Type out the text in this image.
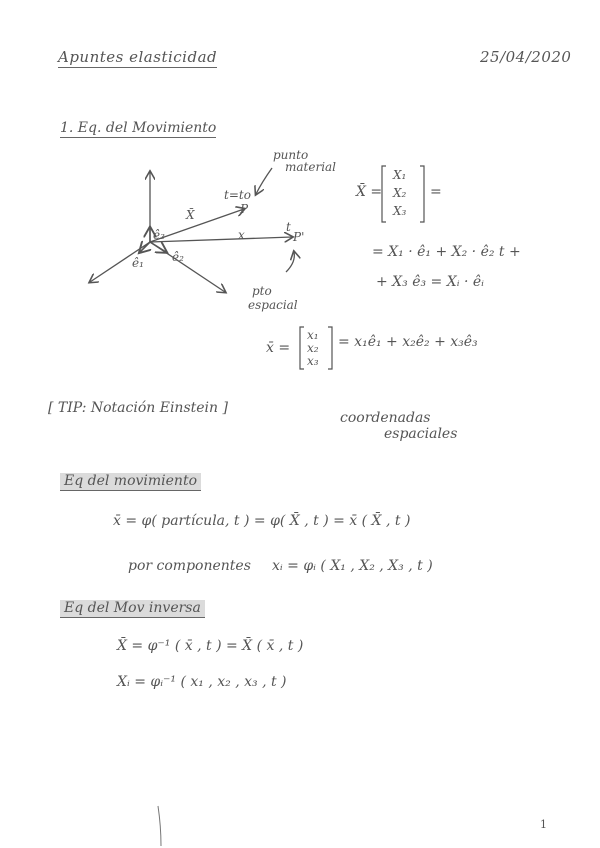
Apuntes elasticidad	25/04/2020
1. Eq. del Movimiento
punto
material
t=to
P
X̄
x
t
P'
ê₁ ê₂
ê₃
pto
espacial
X̄ =
X₁
X₂
X₃
=
= X₁ · ê₁ + X₂ · ê₂ t +
+ X₃ ê₃ = Xᵢ · êᵢ
x̄ =
x₁
x₂
x₃
= x₁ê₁ + x₂ê₂ + x₃ê₃
[ TIP: Notación Einstein ]
coordenadas
espaciales
Eq del movimiento
x̄ = φ( partícula, t ) = φ( X̄ , t ) = x̄ ( X̄ , t )
por componentes xᵢ = φᵢ ( X₁ , X₂ , X₃ , t )
Eq del Mov inversa
X̄ = φ⁻¹ ( x̄ , t ) = X̄ ( x̄ , t )
Xᵢ = φᵢ⁻¹ ( x₁ , x₂ , x₃ , t )
1
